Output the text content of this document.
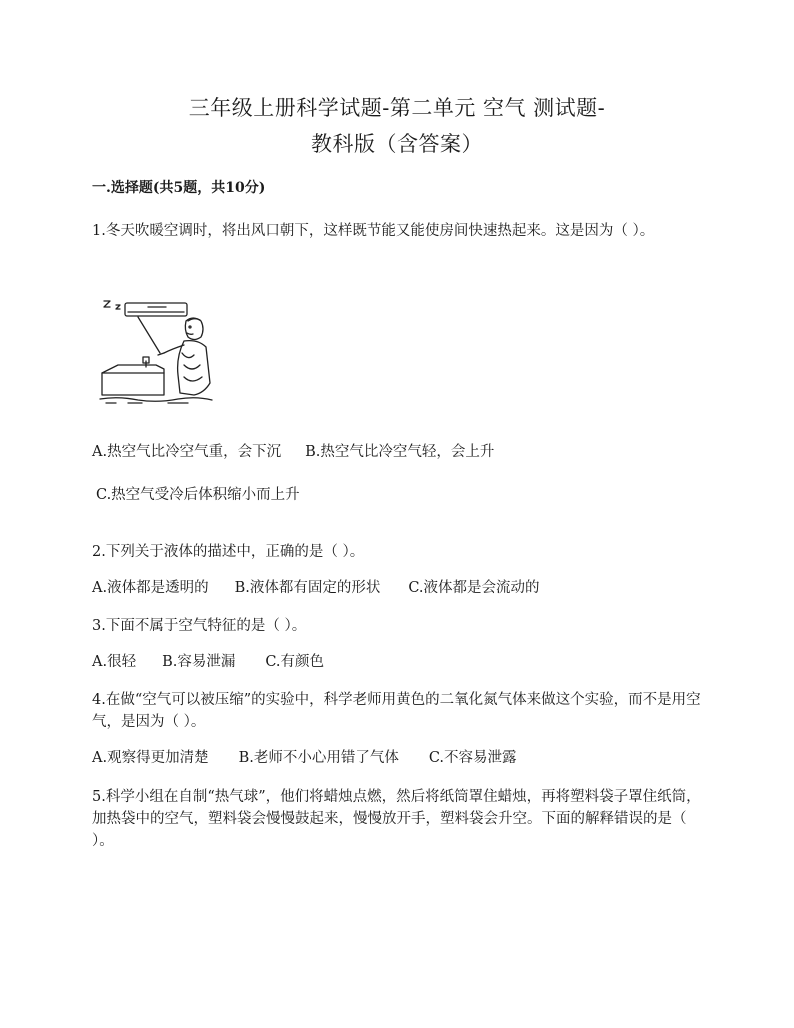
三年级上册科学试题-第二单元 空气 测试题-
教科版（含答案）
一.选择题(共5题，共10分)
1.冬天吹暖空调时，将出风口朝下，这样既节能又能使房间快速热起来。这是因为（ ）。
A.热空气比冷空气重，会下沉 B.热空气比冷空气轻，会上升
C.热空气受冷后体积缩小而上升
2.下列关于液体的描述中，正确的是（ ）。
A.液体都是透明的 B.液体都有固定的形状 C.液体都是会流动的
3.下面不属于空气特征的是（ ）。
A.很轻 B.容易泄漏 C.有颜色
4.在做“空气可以被压缩”的实验中，科学老师用黄色的二氧化氮气体来做这个实验，而不是用空气，是因为（ ）。
A.观察得更加清楚 B.老师不小心用错了气体 C.不容易泄露
5.科学小组在自制“热气球”，他们将蜡烛点燃，然后将纸筒罩住蜡烛，再将塑料袋子罩住纸筒，加热袋中的空气，塑料袋会慢慢鼓起来，慢慢放开手，塑料袋会升空。下面的解释错误的是（ ）。
